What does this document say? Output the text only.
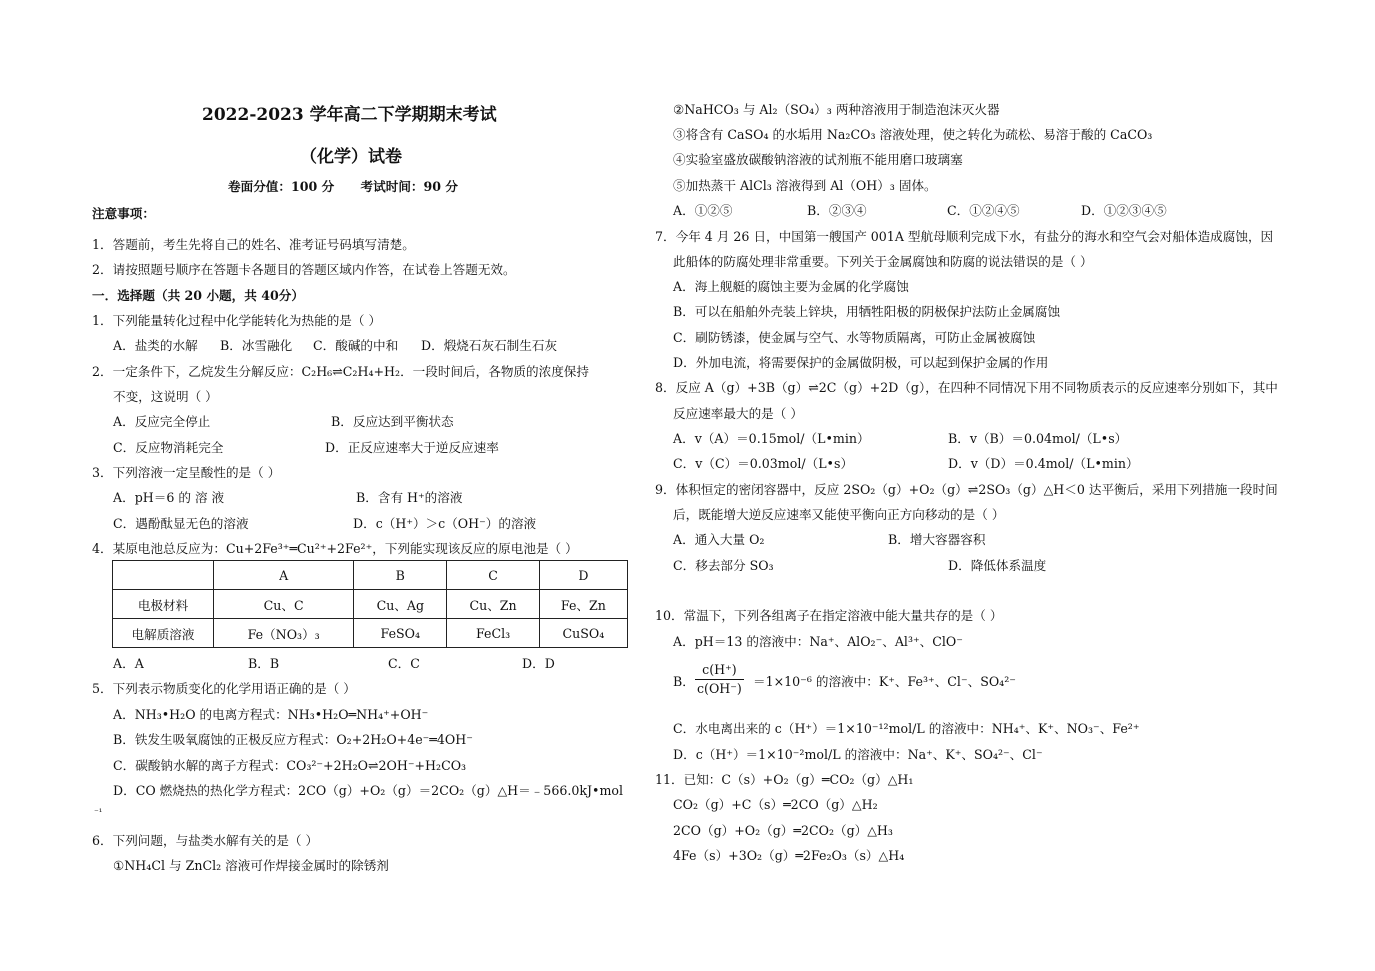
2022-2023 学年高二下学期期末考试
（化学）试卷
卷面分值：100 分      考试时间：90 分
注意事项：
1．答题前，考生先将自己的姓名、准考证号码填写清楚。
2．请按照题号顺序在答题卡各题目的答题区域内作答，在试卷上答题无效。
一．选择题（共 20 小题，共 40分）
1．下列能量转化过程中化学能转化为热能的是（ ）
A．盐类的水解 B．冰雪融化 C．酸碱的中和 D．煅烧石灰石制生石灰
2．一定条件下，乙烷发生分解反应：C₂H₆⇌C₂H₄+H₂．一段时间后，各物质的浓度保持
不变，这说明（ ）
A．反应完全停止	B．反应达到平衡状态
C．反应物消耗完全	D．正反应速率大于逆反应速率
3．下列溶液一定呈酸性的是（ ）
A．pH＝6 的 溶 液	B．含有 H⁺的溶液
C．遇酚酞显无色的溶液	D．c（H⁺）＞c（OH⁻）的溶液
4．某原电池总反应为：Cu+2Fe³⁺═Cu²⁺+2Fe²⁺，下列能实现该反应的原电池是（ ）
	A	B	C	D
电极材料	Cu、C	Cu、Ag	Cu、Zn	Fe、Zn
电解质溶液	Fe（NO₃）₃	FeSO₄	FeCl₃	CuSO₄
A．A	B．B	C．C	D．D
5．下列表示物质变化的化学用语正确的是（ ）
A．NH₃•H₂O 的电离方程式：NH₃•H₂O═NH₄⁺+OH⁻
B．铁发生吸氧腐蚀的正极反应方程式：O₂+2H₂O+4e⁻═4OH⁻
C．碳酸钠水解的离子方程式：CO₃²⁻+2H₂O⇌2OH⁻+H₂CO₃
D．CO 燃烧热的热化学方程式：2CO（g）+O₂（g）＝2CO₂（g）△H＝﹣566.0kJ•mol
⁻¹
6．下列问题，与盐类水解有关的是（ ）
①NH₄Cl 与 ZnCl₂ 溶液可作焊接金属时的除锈剂
②NaHCO₃ 与 Al₂（SO₄）₃ 两种溶液用于制造泡沫灭火器
③将含有 CaSO₄ 的水垢用 Na₂CO₃ 溶液处理，使之转化为疏松、易溶于酸的 CaCO₃
④实验室盛放碳酸钠溶液的试剂瓶不能用磨口玻璃塞
⑤加热蒸干 AlCl₃ 溶液得到 Al（OH）₃ 固体。
A．①②⑤	B．②③④	C．①②④⑤	D．①②③④⑤
7．今年 4 月 26 日，中国第一艘国产 001A 型航母顺利完成下水，有盐分的海水和空气会对船体造成腐蚀，因
此船体的防腐处理非常重要。下列关于金属腐蚀和防腐的说法错误的是（ ）
A．海上舰艇的腐蚀主要为金属的化学腐蚀
B．可以在船舶外壳装上锌块，用牺牲阳极的阴极保护法防止金属腐蚀
C．刷防锈漆，使金属与空气、水等物质隔离，可防止金属被腐蚀
D．外加电流，将需要保护的金属做阴极，可以起到保护金属的作用
8．反应 A（g）+3B（g）⇌2C（g）+2D（g），在四种不同情况下用不同物质表示的反应速率分别如下，其中
反应速率最大的是（ ）
A．v（A）＝0.15mol/（L•min）	B．v（B）＝0.04mol/（L•s）
C．v（C）＝0.03mol/（L•s）	D．v（D）＝0.4mol/（L•min）
9．体积恒定的密闭容器中，反应 2SO₂（g）+O₂（g）⇌2SO₃（g）△H＜0 达平衡后，采用下列措施一段时间
后，既能增大逆反应速率又能使平衡向正方向移动的是（ ）
A．通入大量 O₂	B．增大容器容积
C．移去部分 SO₃	D．降低体系温度
10．常温下，下列各组离子在指定溶液中能大量共存的是（ ）
A．pH＝13 的溶液中：Na⁺、AlO₂⁻、Al³⁺、ClO⁻
B． $\frac{c(H^+)}{c(OH^-)} =1\times 10^{-6}$ 的溶液中：K⁺、Fe³⁺、Cl⁻、SO₄²⁻
C．水电离出来的 c（H⁺）＝1×10⁻¹²mol/L 的溶液中：NH₄⁺、K⁺、NO₃⁻、Fe²⁺
D．c（H⁺）＝1×10⁻²mol/L 的溶液中：Na⁺、K⁺、SO₄²⁻、Cl⁻
11．已知：C（s）+O₂（g）═CO₂（g）△H₁
CO₂（g）+C（s）═2CO（g）△H₂
2CO（g）+O₂（g）═2CO₂（g）△H₃
4Fe（s）+3O₂（g）═2Fe₂O₃（s）△H₄
